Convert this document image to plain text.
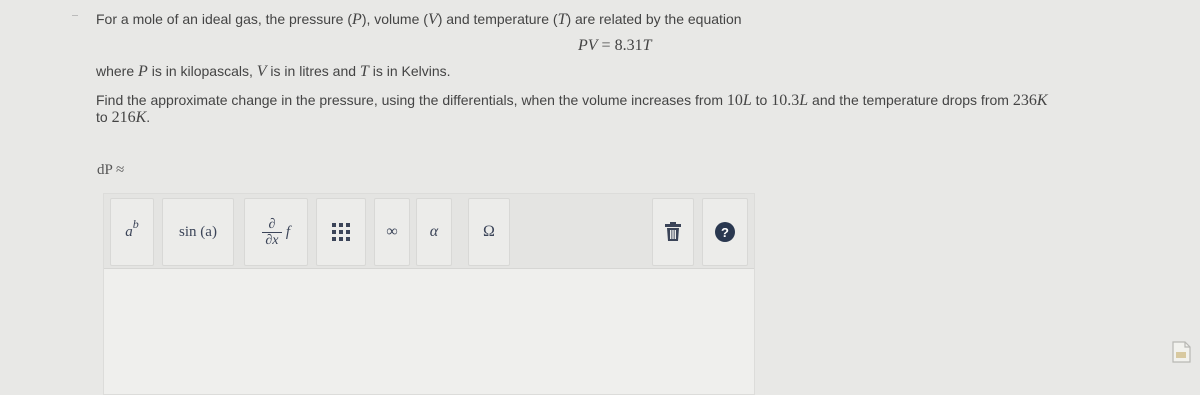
For a mole of an ideal gas, the pressure (P), volume (V) and temperature (T) are related by the equation
PV = 8.31T
where P is in kilopascals, V is in litres and T is in Kelvins.
Find the approximate change in the pressure, using the differentials, when the volume increases from 10L to 10.3L and the temperature drops from 236K
to 216K.
dP ≈
a b	sin (a)	∂
∂x
f	∞ α	Ω	?
